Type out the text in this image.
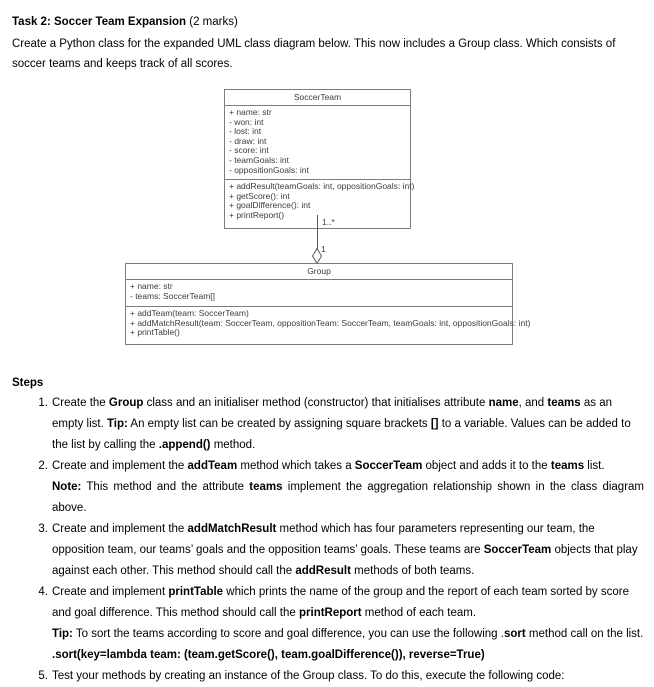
Task 2: Soccer Team Expansion (2 marks)

Create a Python class for the expanded UML class diagram below. This now includes a Group class. Which consists of soccer teams and keeps track of all scores.

SoccerTeam
+ name: str
- won: int
- lost: int
- draw: int
- score: int
- teamGoals: int
- oppositionGoals: int
+ addResult(teamGoals: int, oppositionGoals: int)
+ getScore(): int
+ goalDifference(): int
+ printReport()
1..*
1
Group
+ name: str
- teams: SoccerTeam[]
+ addTeam(team: SoccerTeam)
+ addMatchResult(team: SoccerTeam, oppositionTeam: SoccerTeam, teamGoals: int, oppositionGoals: int)
+ printTable()
Steps
1. Create the Group class and an initialiser method (constructor) that initialises attribute name, and teams as an empty list. Tip: An empty list can be created by assigning square brackets [] to a variable. Values can be added to the list by calling the .append() method.
2. Create and implement the addTeam method which takes a SoccerTeam object and adds it to the teams list.
Note: This method and the attribute teams implement the aggregation relationship shown in the class diagram above.
3. Create and implement the addMatchResult method which has four parameters representing our team, the opposition team, our teams’ goals and the opposition teams’ goals. These teams are SoccerTeam objects that play against each other. This method should call the addResult methods of both teams.
4. Create and implement printTable which prints the name of the group and the report of each team sorted by score and goal difference. This method should call the printReport method of each team.
Tip: To sort the teams according to score and goal difference, you can use the following .sort method call on the list. .sort(key=lambda team: (team.getScore(), team.goalDifference()), reverse=True)
5. Test your methods by creating an instance of the Group class. To do this, execute the following code:
